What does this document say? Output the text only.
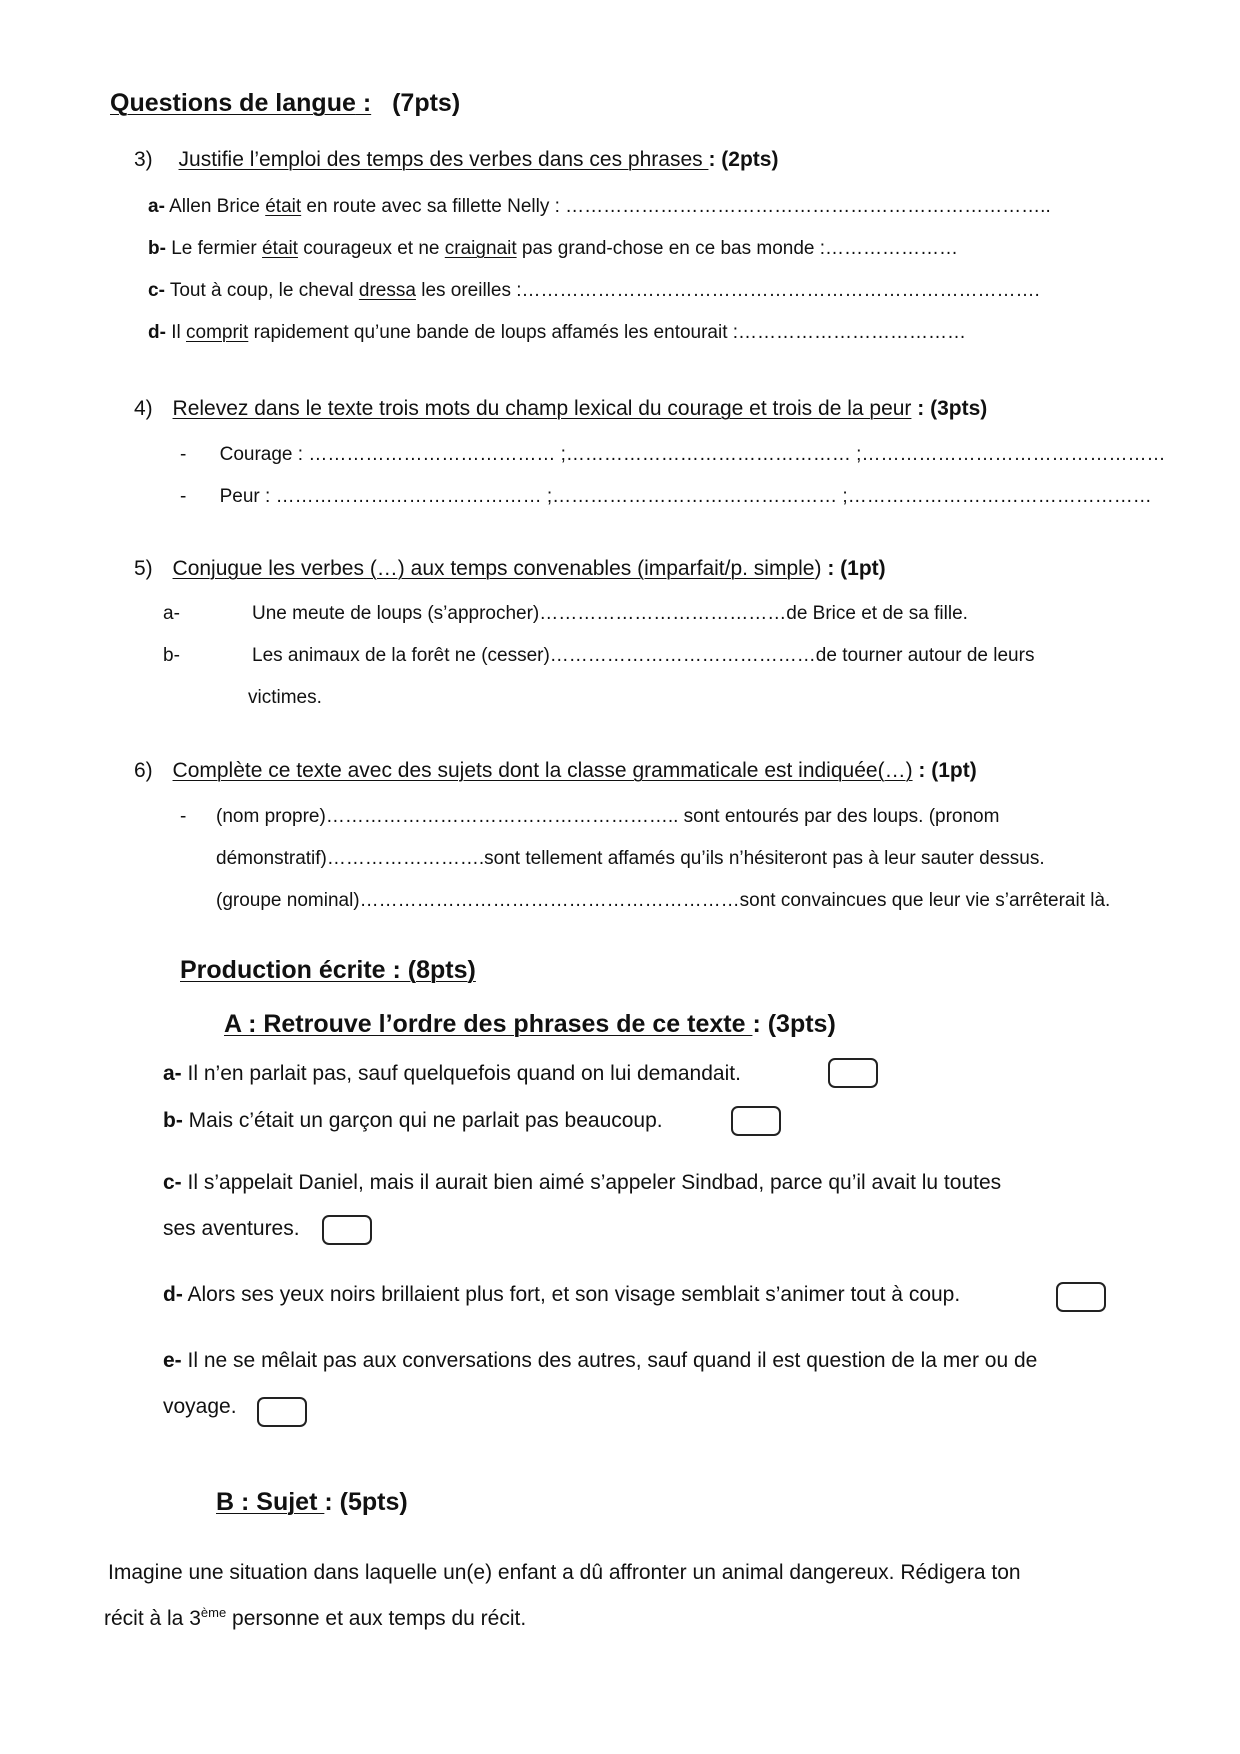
Questions de langue : (7pts)
3) Justifie l’emploi des temps des verbes dans ces phrases : (2pts)
a- Allen Brice était en route avec sa fillette Nelly : …………………………………………………………………..
b- Le fermier était courageux et ne craignait pas grand-chose en ce bas monde :…………………
c- Tout à coup, le cheval dressa les oreilles :……………………………………………………………………….
d- Il comprit rapidement qu’une bande de loups affamés les entourait :………………………………
4) Relevez dans le texte trois mots du champ lexical du courage et trois de la peur : (3pts)
- Courage : ………………………………… ;……………………………………… ;…………………………………………
- Peur : …………………………………… ;……………………………………… ;…………………………………………
5) Conjugue les verbes (…) aux temps convenables (imparfait/p. simple) : (1pt)
a-	Une meute de loups (s’approcher)…………………………………de Brice et de sa fille.
b-	Les animaux de la forêt ne (cesser)……………………………………de tourner autour de leurs
victimes.
6) Complète ce texte avec des sujets dont la classe grammaticale est indiquée(…) : (1pt)
- (nom propre)……………………………………………….. sont entourés par des loups. (pronom
démonstratif)…………………….sont tellement affamés qu’ils n’hésiteront pas à leur sauter dessus.
(groupe nominal)……………………………………………………sont convaincues que leur vie s’arrêterait là.
Production écrite : (8pts)
A : Retrouve l’ordre des phrases de ce texte : (3pts)
a- Il n’en parlait pas, sauf quelquefois quand on lui demandait.
b- Mais c’était un garçon qui ne parlait pas beaucoup.
c- Il s’appelait Daniel, mais il aurait bien aimé s’appeler Sindbad, parce qu’il avait lu toutes
ses aventures.
d- Alors ses yeux noirs brillaient plus fort, et son visage semblait s’animer tout à coup.
e- Il ne se mêlait pas aux conversations des autres, sauf quand il est question de la mer ou de
voyage.
B : Sujet : (5pts)
Imagine une situation dans laquelle un(e) enfant a dû affronter un animal dangereux. Rédigera ton
récit à la 3ème personne et aux temps du récit.
